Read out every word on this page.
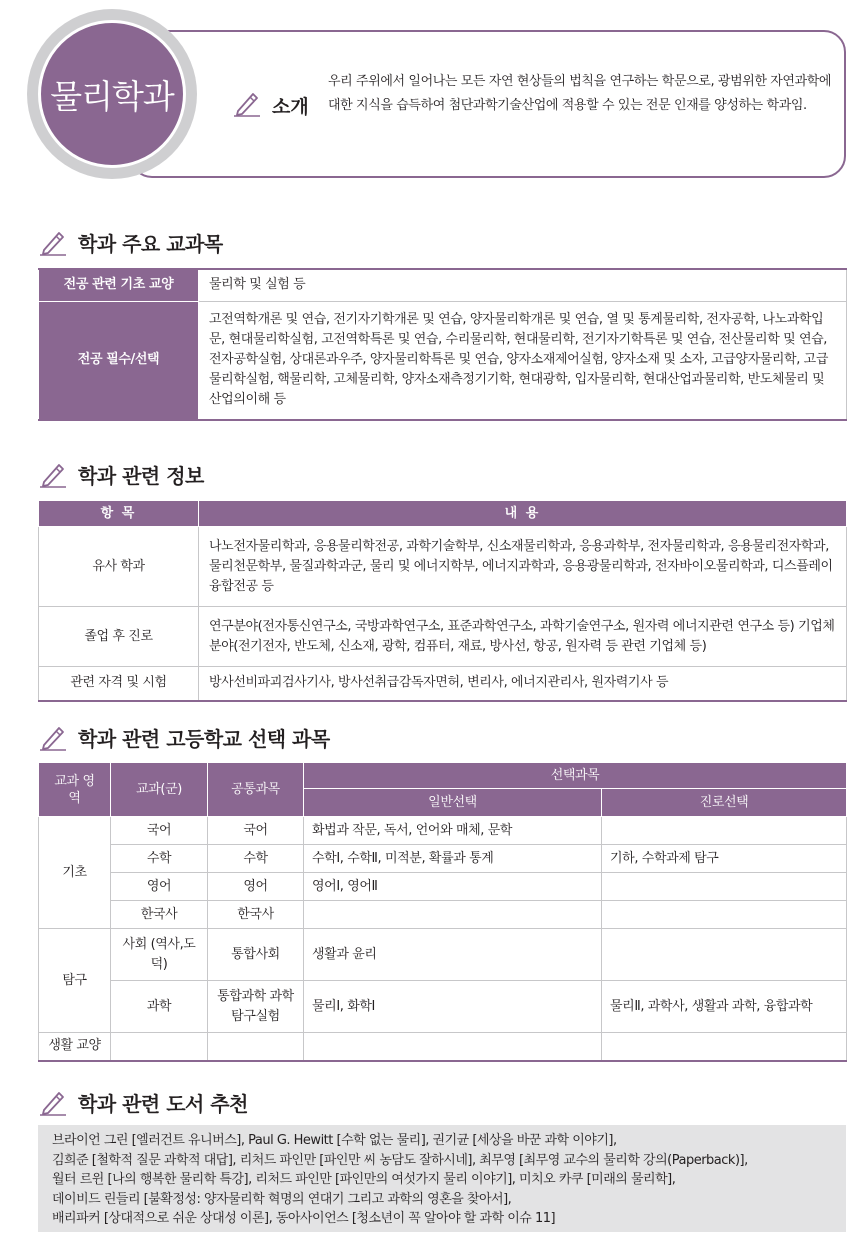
물리학과	소개

우리 주위에서 일어나는 모든 자연 현상들의 법칙을 연구하는 학문으로, 광범위한 자연과학에 대한 지식을 습득하여 첨단과학기술산업에 적용할 수 있는 전문 인재를 양성하는 학과임.

학과 주요 교과목
전공 관련 기초 교양	물리학 및 실험 등
전공 필수/선택	고전역학개론 및 연습, 전기자기학개론 및 연습, 양자물리학개론 및 연습, 열 및 통계물리학, 전자공학, 나노과학입문, 현대물리학실험, 고전역학특론 및 연습, 수리물리학, 현대물리학, 전기자기학특론 및 연습, 전산물리학 및 연습, 전자공학실험, 상대론과우주, 양자물리학특론 및 연습, 양자소재제어실험, 양자소재 및 소자, 고급양자물리학, 고급물리학실험, 핵물리학, 고체물리학, 양자소재측정기기학, 현대광학, 입자물리학, 현대산업과물리학, 반도체물리 및 산업의이해 등
학과 관련 정보
항 목	내 용
유사 학과	나노전자물리학과, 응용물리학전공, 과학기술학부, 신소재물리학과, 응용과학부, 전자물리학과, 응용물리전자학과, 물리천문학부, 물질과학과군, 물리 및 에너지학부, 에너지과학과, 응용광물리학과, 전자바이오물리학과, 디스플레이융합전공 등
졸업 후 진로	연구분야(전자통신연구소, 국방과학연구소, 표준과학연구소, 과학기술연구소, 원자력 에너지관련 연구소 등) 기업체분야(전기전자, 반도체, 신소재, 광학, 컴퓨터, 재료, 방사선, 항공, 원자력 등 관련 기업체 등)
관련 자격 및 시험	방사선비파괴검사기사, 방사선취급감독자면허, 변리사, 에너지관리사, 원자력기사 등
학과 관련 고등학교 선택 과목
교과 영역	교과(군)	공통과목	선택과목	
			일반선택	진로선택
기초	국어	국어	화법과 작문, 독서, 언어와 매체, 문학	
	수학	수학	수학Ⅰ, 수학Ⅱ, 미적분, 확률과 통계	기하, 수학과제 탐구
	영어	영어	영어Ⅰ, 영어Ⅱ	
	한국사	한국사		
탐구	사회 (역사,도덕)	통합사회	생활과 윤리	
	과학	통합과학 과학탐구실험	물리Ⅰ, 화학Ⅰ	물리Ⅱ, 과학사, 생활과 과학, 융합과학
생활 교양				
학과 관련 도서 추천
브라이언 그린 [엘러건트 유니버스], Paul G. Hewitt [수학 없는 물리], 권기균 [세상을 바꾼 과학 이야기],
김희준 [철학적 질문 과학적 대답], 리처드 파인만 [파인만 씨 농담도 잘하시네], 최무영 [최무영 교수의 물리학 강의(Paperback)],
월터 르윈 [나의 행복한 물리학 특강], 리처드 파인만 [파인만의 여섯가지 물리 이야기], 미치오 카쿠 [미래의 물리학],
데이비드 린들리 [불확정성: 양자물리학 혁명의 연대기 그리고 과학의 영혼을 찾아서],
배리파커 [상대적으로 쉬운 상대성 이론], 동아사이언스 [청소년이 꼭 알아야 할 과학 이슈 11]
